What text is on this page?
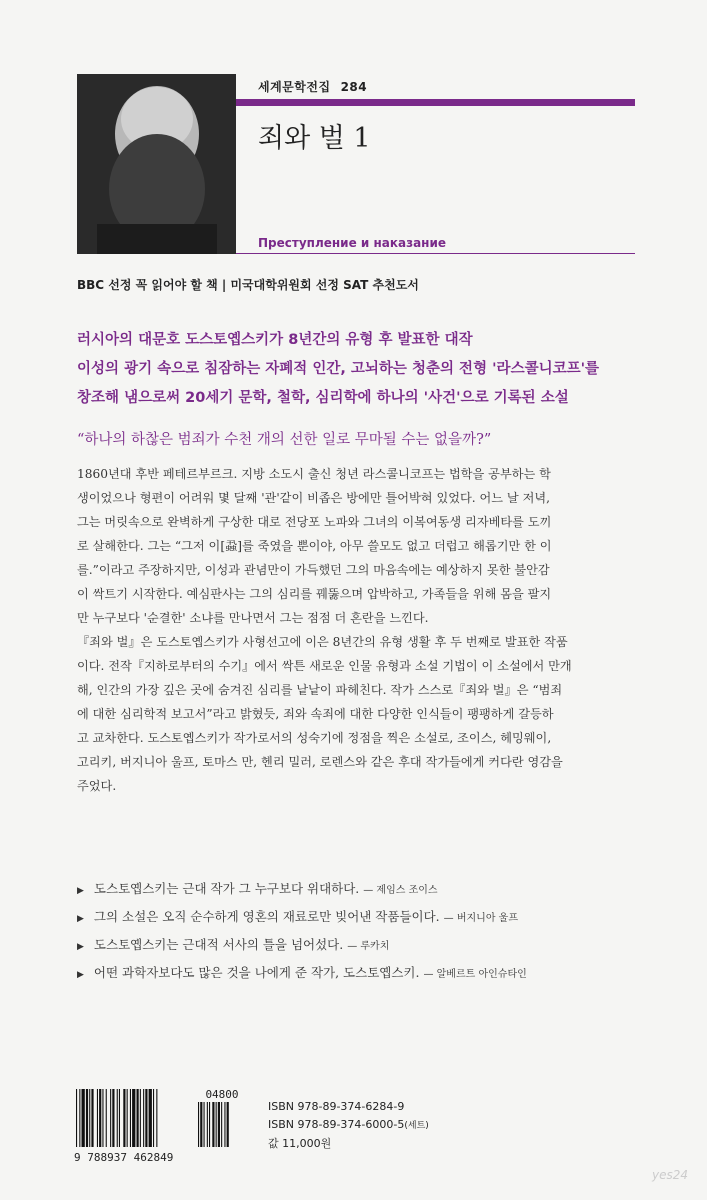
세계문학전집 284
죄와 벌 1
Преступление и наказание
BBC 선정 꼭 읽어야 할 책 | 미국대학위원회 선정 SAT 추천도서
러시아의 대문호 도스토옙스키가 8년간의 유형 후 발표한 대작
이성의 광기 속으로 침잠하는 자폐적 인간, 고뇌하는 청춘의 전형 '라스콜니코프'를
창조해 냄으로써 20세기 문학, 철학, 심리학에 하나의 '사건'으로 기록된 소설
“하나의 하찮은 범죄가 수천 개의 선한 일로 무마될 수는 없을까?”
1860년대 후반 페테르부르크. 지방 소도시 출신 청년 라스콜니코프는 법학을 공부하는 학
생이었으나 형편이 어려워 몇 달째 '관'같이 비좁은 방에만 틀어박혀 있었다. 어느 날 저녁,
그는 머릿속으로 완벽하게 구상한 대로 전당포 노파와 그녀의 이복여동생 리자베타를 도끼
로 살해한다. 그는 “그저 이[蝨]를 죽였을 뿐이야, 아무 쓸모도 없고 더럽고 해롭기만 한 이
를.”이라고 주장하지만, 이성과 관념만이 가득했던 그의 마음속에는 예상하지 못한 불안감
이 싹트기 시작한다. 예심판사는 그의 심리를 꿰뚫으며 압박하고, 가족들을 위해 몸을 팔지
만 누구보다 '순결한' 소냐를 만나면서 그는 점점 더 혼란을 느낀다.
『죄와 벌』은 도스토옙스키가 사형선고에 이은 8년간의 유형 생활 후 두 번째로 발표한 작품
이다. 전작『지하로부터의 수기』에서 싹튼 새로운 인물 유형과 소설 기법이 이 소설에서 만개
해, 인간의 가장 깊은 곳에 숨겨진 심리를 낱낱이 파헤친다. 작가 스스로『죄와 벌』은 “범죄
에 대한 심리학적 보고서”라고 밝혔듯, 죄와 속죄에 대한 다양한 인식들이 팽팽하게 갈등하
고 교차한다. 도스토옙스키가 작가로서의 성숙기에 정점을 찍은 소설로, 조이스, 헤밍웨이,
고리키, 버지니아 울프, 토마스 만, 헨리 밀러, 로렌스와 같은 후대 작가들에게 커다란 영감을
주었다.
▶ 도스토옙스키는 근대 작가 그 누구보다 위대하다. — 제임스 조이스
▶ 그의 소설은 오직 순수하게 영혼의 재료로만 빚어낸 작품들이다. — 버지니아 울프
▶ 도스토옙스키는 근대적 서사의 틀을 넘어섰다. — 루카치
▶ 어떤 과학자보다도 많은 것을 나에게 준 작가, 도스토옙스키. — 알베르트 아인슈타인
04800
9 788937 462849
ISBN 978-89-374-6284-9
ISBN 978-89-374-6000-5(세트)
값 11,000원
yes24
